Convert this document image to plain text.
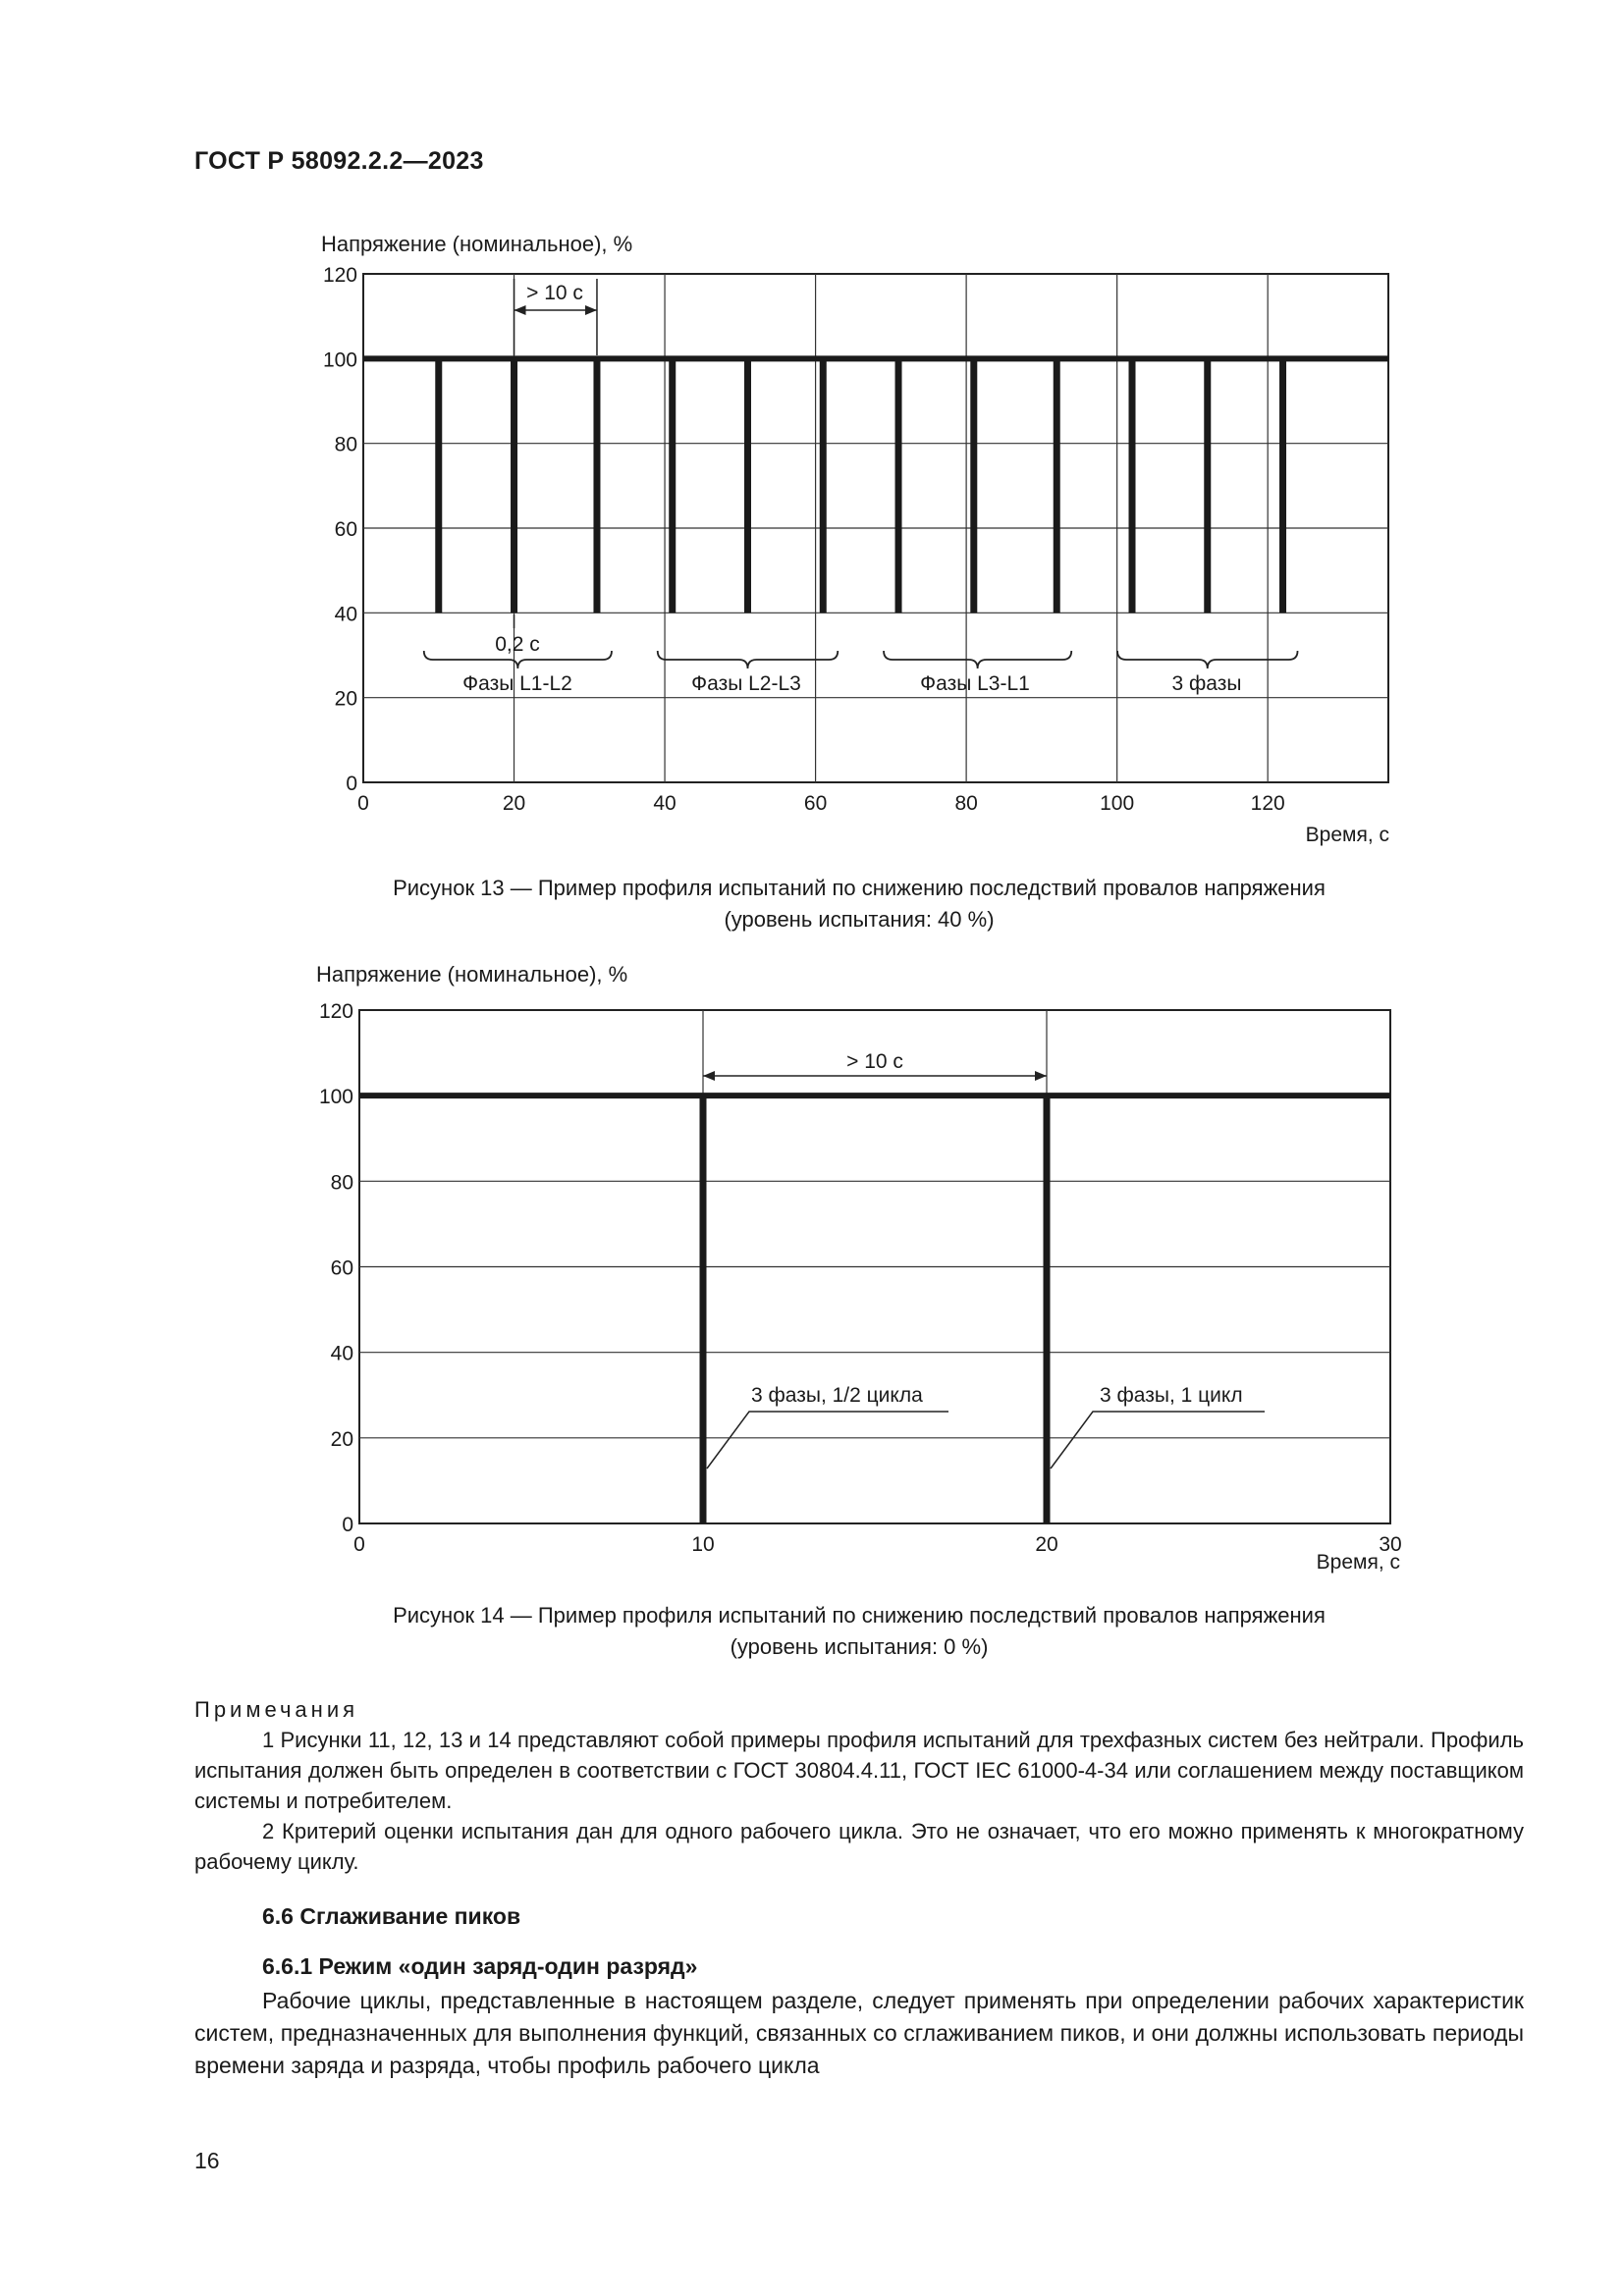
ГОСТ Р 58092.2.2—2023
Напряжение (номинальное), %
0
20
40
60
80
100
120
0	20	40	60	80	100	120
> 10 с
0,2 с
Фазы L1-L2	Фазы L2-L3	Фазы L3-L1	3 фазы
Время, с
Рисунок 13 — Пример профиля испытаний по снижению последствий провалов напряжения
(уровень испытания: 40 %)
Напряжение (номинальное), %
0
20
40
60
80
100
120
0	10	20	30
> 10 с
3 фазы, 1/2 цикла	3 фазы, 1 цикл
Время, с
Рисунок 14 — Пример профиля испытаний по снижению последствий провалов напряжения
(уровень испытания: 0 %)

Примечания

1 Рисунки 11, 12, 13 и 14 представляют собой примеры профиля испытаний для трехфазных систем без нейтрали. Профиль испытания должен быть определен в соответствии с ГОСТ 30804.4.11, ГОСТ IEC 61000-4-34 или соглашением между поставщиком системы и потребителем.

2 Критерий оценки испытания дан для одного рабочего цикла. Это не означает, что его можно применять к многократному рабочему циклу.

6.6 Сглаживание пиков
6.6.1 Режим «один заряд-один разряд»

Рабочие циклы, представленные в настоящем разделе, следует применять при определении рабочих характеристик систем, предназначенных для выполнения функций, связанных со сглаживанием пиков, и они должны использовать периоды времени заряда и разряда, чтобы профиль рабочего цикла

16
